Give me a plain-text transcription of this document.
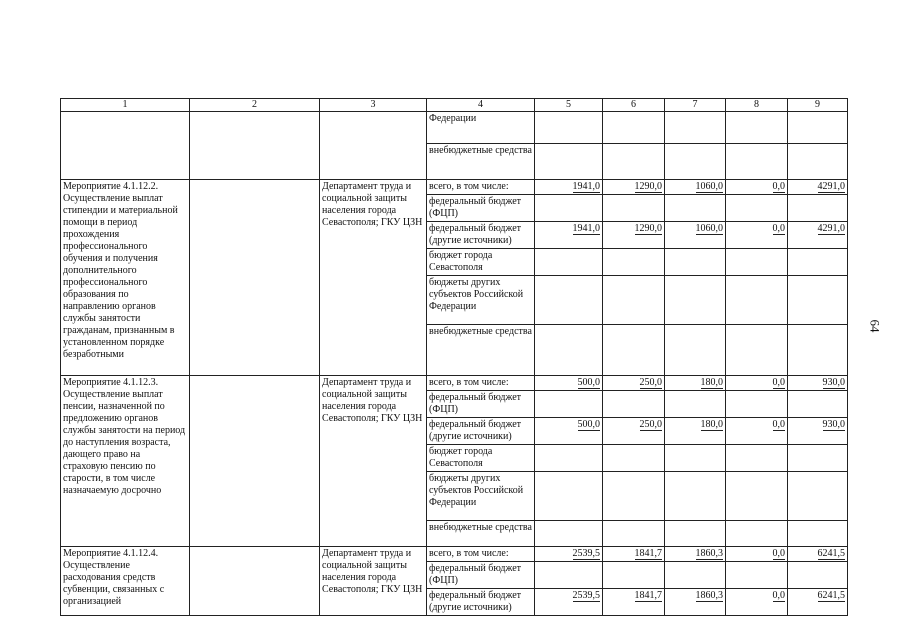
1	2	3	4	5	6	7	8	9
			Федерации					
			внебюджетные средства					
Мероприятие 4.1.12.2. Осуществление выплат стипендии и материальной помощи в период прохождения профессионального обучения и получения дополнительного профессионального образования по направлению органов службы занятости гражданам, признанным в установленном порядке безработными		Департамент труда и социальной защиты населения города Севастополя; ГКУ ЦЗН	всего, в том числе:	1941,0	1290,0	1060,0	0,0	4291,0
			федеральный бюджет (ФЦП)					
			федеральный бюджет (другие источники)	1941,0	1290,0	1060,0	0,0	4291,0
			бюджет города Севастополя					
			бюджеты других субъектов Российской Федерации					
			внебюджетные средства					
Мероприятие 4.1.12.3. Осуществление выплат пенсии, назначенной по предложению органов службы занятости на период до наступления возраста, дающего право на страховую пенсию по старости, в том числе назначаемую досрочно		Департамент труда и социальной защиты населения города Севастополя; ГКУ ЦЗН	всего, в том числе:	500,0	250,0	180,0	0,0	930,0
			федеральный бюджет (ФЦП)					
			федеральный бюджет (другие источники)	500,0	250,0	180,0	0,0	930,0
			бюджет города Севастополя					
			бюджеты других субъектов Российской Федерации					
			внебюджетные средства					
Мероприятие 4.1.12.4. Осуществление расходования средств субвенции, связанных с организацией		Департамент труда и социальной защиты населения города Севастополя; ГКУ ЦЗН	всего, в том числе:	2539,5	1841,7	1860,3	0,0	6241,5
			федеральный бюджет (ФЦП)					
			федеральный бюджет (другие источники)	2539,5	1841,7	1860,3	0,0	6241,5
64
